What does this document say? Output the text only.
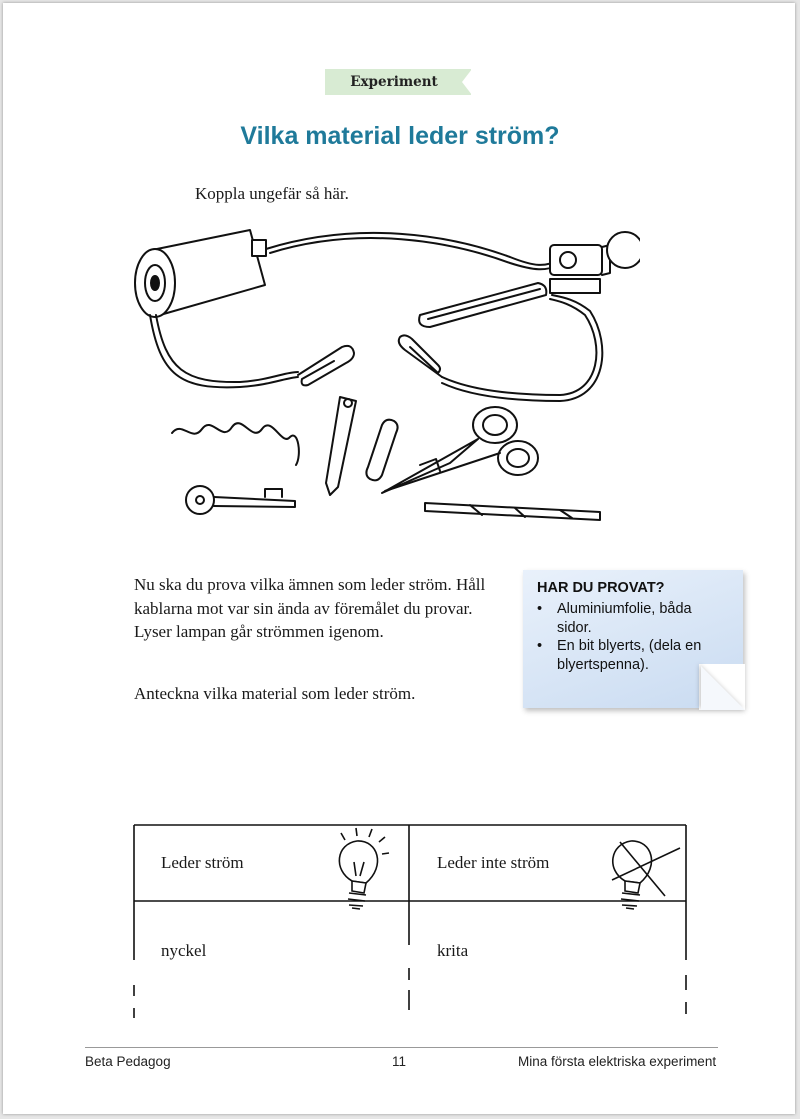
Experiment
Vilka material leder ström?
Koppla ungefär så här.

Nu ska du prova vilka ämnen som leder ström. Håll kablarna mot var sin ända av föremålet du provar. Lyser lampan går strömmen igenom.

Anteckna vilka material som leder ström.

HAR DU PROVAT?
• Aluminiumfolie, båda sidor.
• En bit blyerts, (dela en blyertspenna).
Leder ström	Leder inte ström
nyckel	krita
Beta Pedagog	11	Mina första elektriska experiment
